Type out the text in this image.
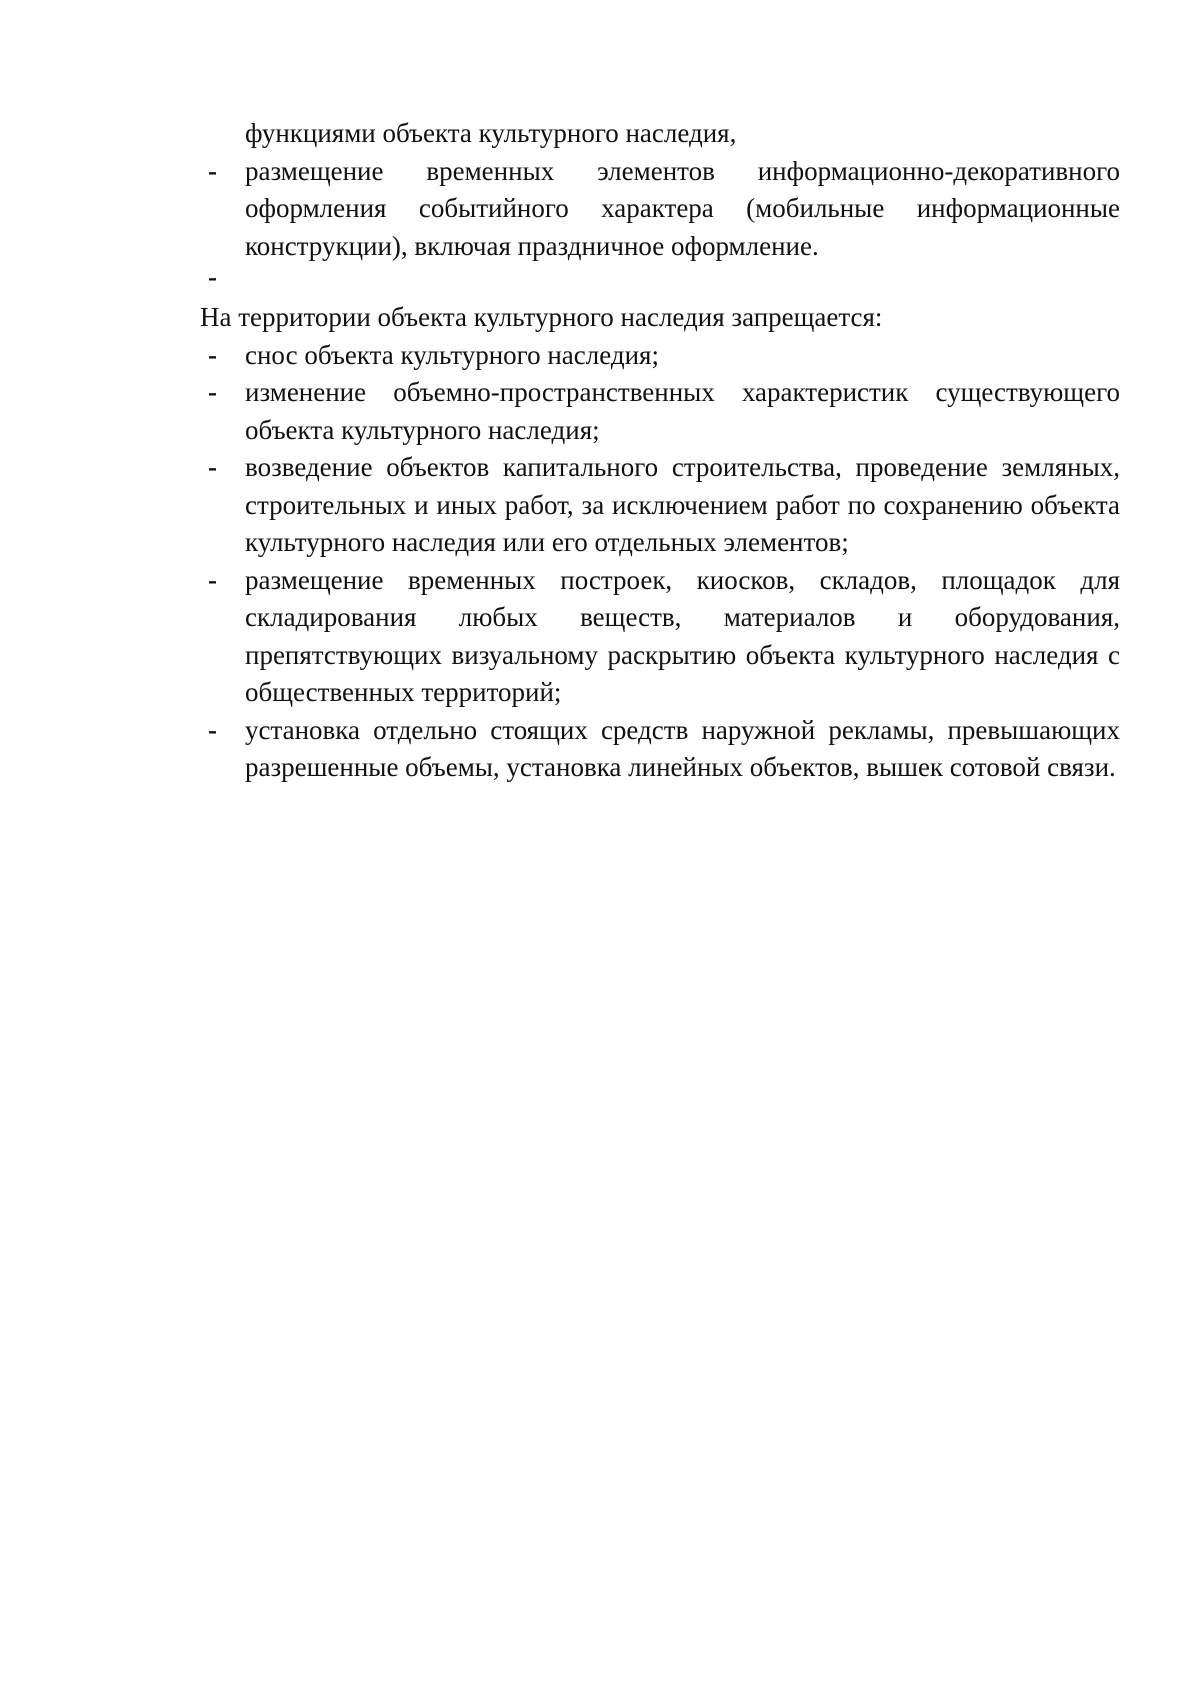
функциями объекта культурного наследия,
- размещение временных элементов информационно-декоративного оформления событийного характера (мобильные информационные конструкции), включая праздничное оформление.
-
На территории объекта культурного наследия запрещается:
- снос объекта культурного наследия;
- изменение объемно-пространственных характеристик существующего объекта культурного наследия;
- возведение объектов капитального строительства, проведение земляных, строительных и иных работ, за исключением работ по сохранению объекта культурного наследия или его отдельных элементов;
- размещение временных построек, киосков, складов, площадок для складирования любых веществ, материалов и оборудования, препятствующих визуальному раскрытию объекта культурного наследия с общественных территорий;
- установка отдельно стоящих средств наружной рекламы, превышающих разрешенные объемы, установка линейных объектов, вышек сотовой связи.
